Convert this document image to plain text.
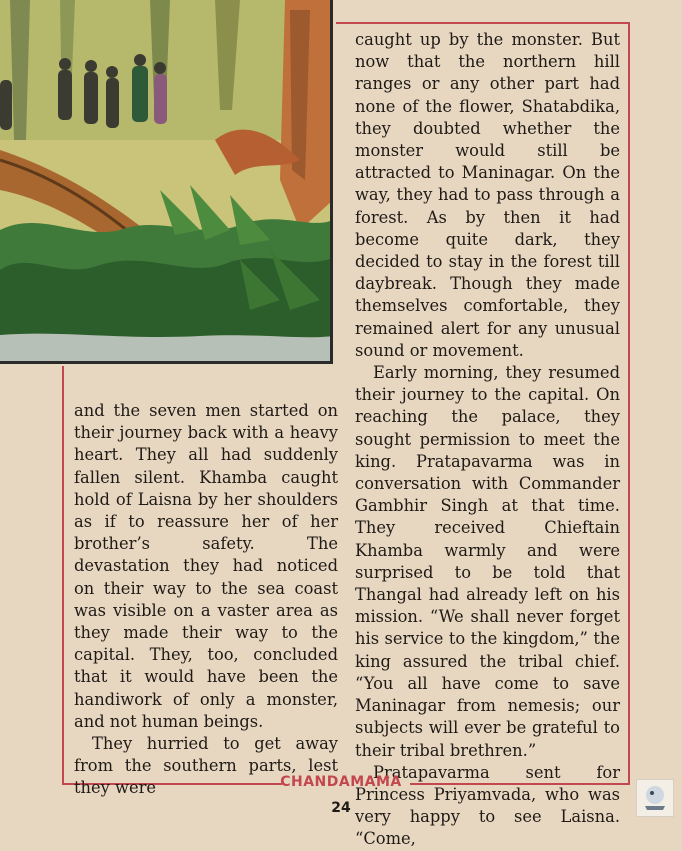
and the seven men started on their journey back with a heavy heart. They all had suddenly fallen silent. Khamba caught hold of Laisna by her shoulders as if to reassure her of her brother’s safety. The devastation they had noticed on their way to the sea coast was visible on a vaster area as they made their way to the capital. They, too, concluded that it would have been the handiwork of only a monster, and not human beings.

They hurried to get away from the southern parts, lest they were

caught up by the monster. But now that the northern hill ranges or any other part had none of the flower, Shatabdika, they doubted whether the monster would still be attracted to Maninagar. On the way, they had to pass through a forest. As by then it had become quite dark, they decided to stay in the forest till daybreak. Though they made themselves comfortable, they remained alert for any unusual sound or movement.

Early morning, they resumed their journey to the capital. On reaching the palace, they sought permission to meet the king. Pratapavarma was in conversation with Commander Gambhir Singh at that time. They received Chieftain Khamba warmly and were surprised to be told that Thangal had already left on his mission. “We shall never forget his service to the kingdom,” the king assured the tribal chief. “You all have come to save Maninagar from nemesis; our subjects will ever be grateful to their tribal brethren.”

Pratapavarma sent for Princess Priyamvada, who was very happy to see Laisna. “Come,

CHANDAMAMA
24
